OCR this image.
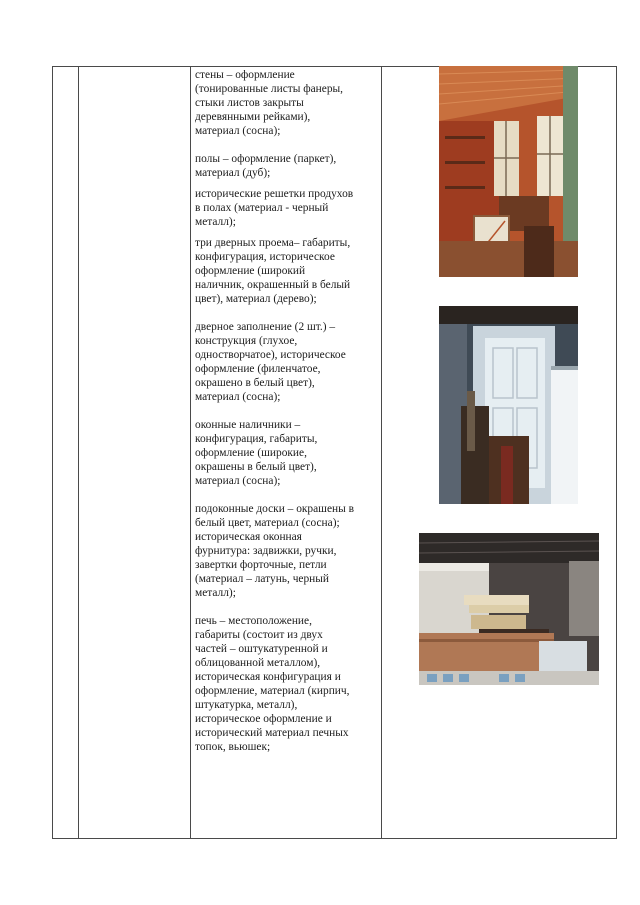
стены – оформление
(тонированные листы фанеры,
стыки листов закрыты
деревянными рейками),
материал (сосна);

полы – оформление (паркет),
материал (дуб);

исторические решетки продухов
в полах (материал - черный
металл);

три дверных проема– габариты,
конфигурация, историческое
оформление (широкий
наличник, окрашенный в белый
цвет), материал (дерево);

дверное заполнение (2 шт.) –
конструкция (глухое,
одностворчатое), историческое
оформление (филенчатое,
окрашено в белый цвет),
материал (сосна);

оконные наличники –
конфигурация, габариты,
оформление (широкие,
окрашены в белый цвет),
материал (сосна);

подоконные доски – окрашены в
белый цвет, материал (сосна);
историческая оконная
фурнитура: задвижки, ручки,
завертки форточные, петли
(материал – латунь, черный
металл);

печь – местоположение,
габариты (состоит из двух
частей – оштукатуренной и
облицованной металлом),
историческая конфигурация и
оформление, материал (кирпич,
штукатурка, металл),
историческое оформление и
исторический материал печных
топок, вьюшек;
